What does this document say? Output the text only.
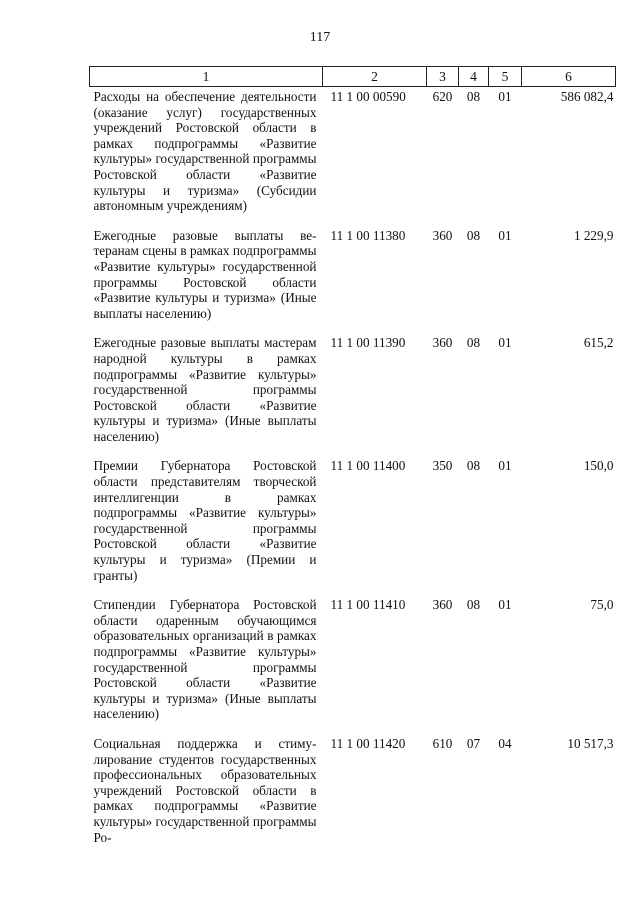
117
1	2	3	4	5	6
Расходы на обеспечение деятельности (оказание услуг) государственных учреждений Ростовской области в рамках подпрограммы «Развитие культуры» государственной программы Ростовской области «Развитие культуры и туризма» (Субсидии автономным учреждениям)	11 1 00 00590	620	08	01	586 082,4
Ежегодные разовые выплаты ветеранам сцены в рамках подпрограммы «Развитие культуры» государственной программы Ростовской области «Развитие культуры и туризма» (Иные выплаты населению)	11 1 00 11380	360	08	01	1 229,9
Ежегодные разовые выплаты мастерам народной культуры в рамках подпрограммы «Развитие культуры» государственной программы Ростовской области «Развитие культуры и туризма» (Иные выплаты населению)	11 1 00 11390	360	08	01	615,2
Премии Губернатора Ростовской области представителям творческой интеллигенции в рамках подпрограммы «Развитие культуры» государственной программы Ростовской области «Развитие культуры и туризма» (Премии и гранты)	11 1 00 11400	350	08	01	150,0
Стипендии Губернатора Ростовской области одаренным обучающимся образовательных организаций в рамках подпрограммы «Развитие культуры» государственной программы Ростовской области «Развитие культуры и туризма» (Иные выплаты населению)	11 1 00 11410	360	08	01	75,0
Социальная поддержка и стимулирование студентов государственных профессиональных образовательных учреждений Ростовской области в рамках подпрограммы «Развитие культуры» государственной программы Ро-	11 1 00 11420	610	07	04	10 517,3
